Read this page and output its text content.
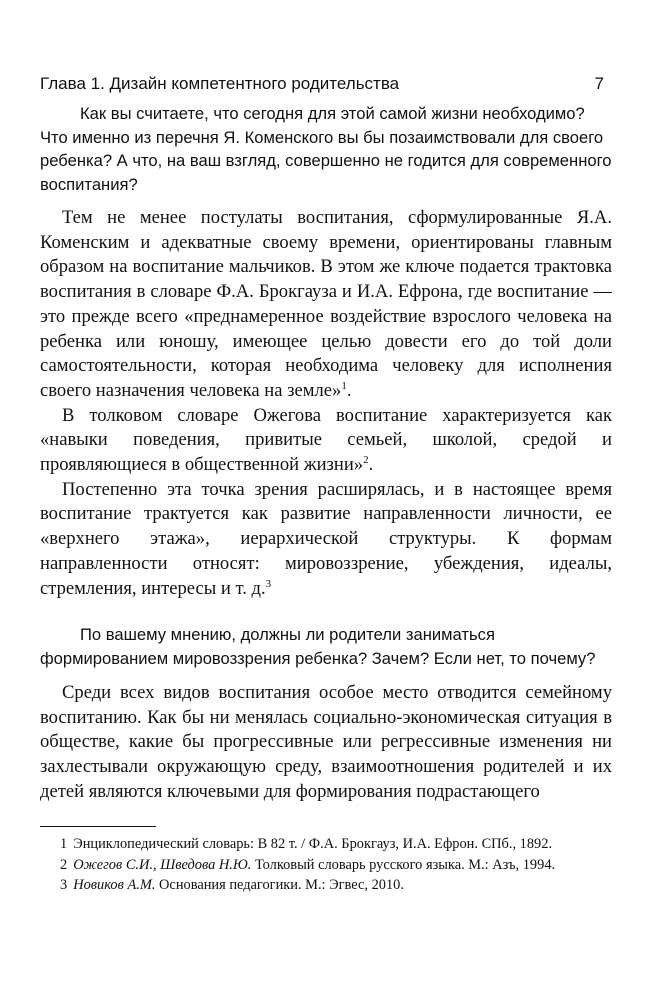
Глава 1. Дизайн компетентного родительства	7
Как вы считаете, что сегодня для этой самой жизни необходимо?
Что именно из перечня Я. Коменского вы бы позаимствовали для своего ребенка? А что, на ваш взгляд, совершенно не годится для современного воспитания?

Тем не менее постулаты воспитания, сформулированные Я.А. Коменским и адекватные своему времени, ориентированы главным образом на воспитание мальчиков. В этом же ключе подается трактовка воспитания в словаре Ф.А. Брокгауза и И.А. Ефрона, где воспитание — это прежде всего «преднамеренное воздействие взрослого человека на ребенка или юношу, имеющее целью довести его до той доли самостоятельности, которая необходима человеку для исполнения своего назначения человека на земле»$^1$.

В толковом словаре Ожегова воспитание характеризуется как «навыки поведения, привитые семьей, школой, средой и проявляющиеся в общественной жизни»$^2$.

Постепенно эта точка зрения расширялась, и в настоящее время воспитание трактуется как развитие направленности личности, ее «верхнего этажа», иерархической структуры. К формам направленности относят: мировоззрение, убеждения, идеалы, стремления, интересы и т. д.$^3$

По вашему мнению, должны ли родители заниматься формированием мировоззрения ребенка? Зачем? Если нет, то почему?

Среди всех видов воспитания особое место отводится семейному воспитанию. Как бы ни менялась социально-экономическая ситуация в обществе, какие бы прогрессивные или регрессивные изменения ни захлестывали окружающую среду, взаимоотношения родителей и их детей являются ключевыми для формирования подрастающего

1 Энциклопедический словарь: В 82 т. / Ф.А. Брокгауз, И.А. Ефрон. СПб., 1892.

2 Ожегов С.И., Шведова Н.Ю. Толковый словарь русского языка. М.: Азъ, 1994.

3 Новиков А.М. Основания педагогики. М.: Эгвес, 2010.
